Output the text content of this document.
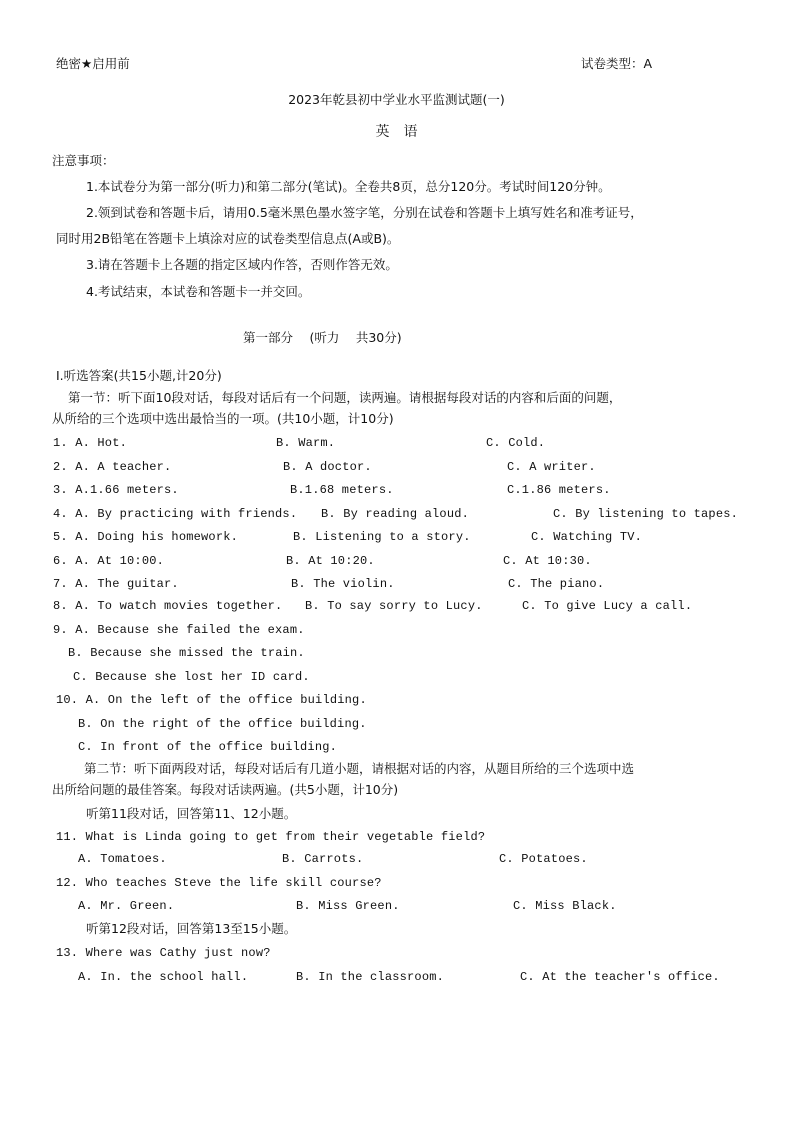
绝密★启用前	试卷类型：A
2023年乾县初中学业水平监测试题(一)
英　语
注意事项：
1.本试卷分为第一部分(听力)和第二部分(笔试)。全卷共8页，总分120分。考试时间120分钟。
2.领到试卷和答题卡后，请用0.5毫米黑色墨水签字笔，分别在试卷和答题卡上填写姓名和准考证号，
同时用2B铅笔在答题卡上填涂对应的试卷类型信息点(A或B)。
3.请在答题卡上各题的指定区域内作答，否则作答无效。
4.考试结束，本试卷和答题卡一并交回。
第一部分　 (听力　 共30分)
Ⅰ.听选答案(共15小题,计20分)
第一节：听下面10段对话，每段对话后有一个问题，读两遍。请根据每段对话的内容和后面的问题，
从所给的三个选项中选出最恰当的一项。(共10小题，计10分)
1. A. Hot.	B. Warm.	C. Cold.
2. A. A teacher.	B. A doctor.	C. A writer.
3. A.1.66 meters.	B.1.68 meters.	C.1.86 meters.
4. A. By practicing with friends. B. By reading aloud.	C. By listening to tapes.
5. A. Doing his homework.	B. Listening to a story.	C. Watching TV.
6. A. At 10:00.	B. At 10:20.	C. At 10:30.
7. A. The guitar.	B. The violin.	C. The piano.
8. A. To watch movies together. B. To say sorry to Lucy.	C. To give Lucy a call.
9. A. Because she failed the exam.
B. Because she missed the train.
C. Because she lost her ID card.
10. A. On the left of the office building.
B. On the right of the office building.
C. In front of the office building.
第二节：听下面两段对话，每段对话后有几道小题，请根据对话的内容，从题目所给的三个选项中选
出所给问题的最佳答案。每段对话读两遍。(共5小题，计10分)
听第11段对话，回答第11、12小题。
11. What is Linda going to get from their vegetable field?
A. Tomatoes.	B. Carrots.	C. Potatoes.
12. Who teaches Steve the life skill course?
A. Mr. Green.	B. Miss Green.	C. Miss Black.
听第12段对话，回答第13至15小题。
13. Where was Cathy just now?
A. In. the school hall.	B. In the classroom.	C. At the teacher's office.
